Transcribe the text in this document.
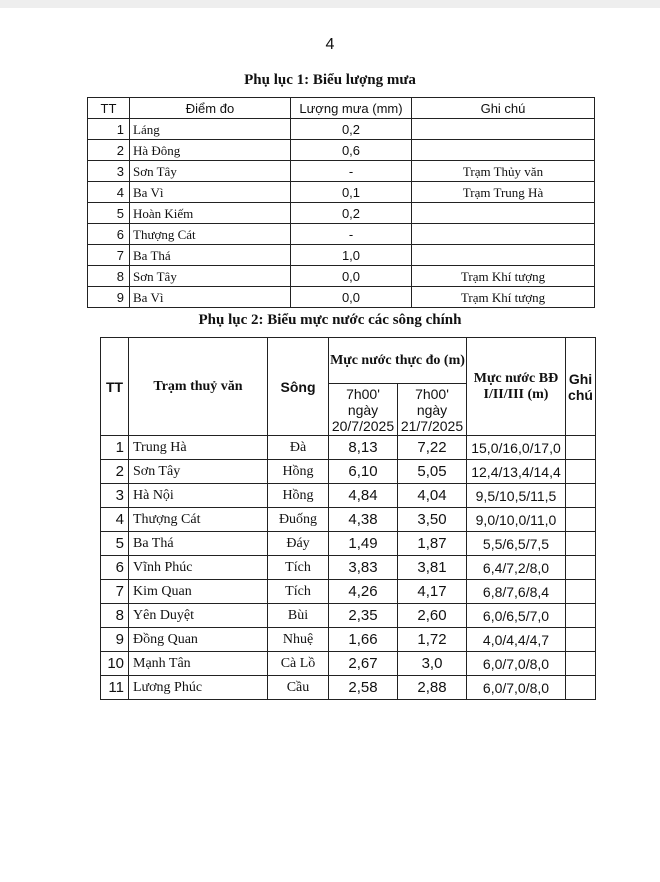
4
Phụ lục 1: Biểu lượng mưa
TT	Điểm đo	Lượng mưa (mm)	Ghi chú
1	Láng	0,2	
2	Hà Đông	0,6	
3	Sơn Tây	-	Trạm Thủy văn
4	Ba Vì	0,1	Trạm Trung Hà
5	Hoàn Kiếm	0,2	
6	Thượng Cát	-	
7	Ba Thá	1,0	
8	Sơn Tây	0,0	Trạm Khí tượng
9	Ba Vì	0,0	Trạm Khí tượng
Phụ lục 2: Biểu mực nước các sông chính
TT	Trạm thuỷ văn	Sông	Mực nước thực đo (m)		Mực nước BĐ I/II/III (m)	Ghi chú
			7h00' ngày 20/7/2025	7h00' ngày 21/7/2025		
1	Trung Hà	Đà	8,13	7,22	15,0/16,0/17,0	
2	Sơn Tây	Hồng	6,10	5,05	12,4/13,4/14,4	
3	Hà Nội	Hồng	4,84	4,04	9,5/10,5/11,5	
4	Thượng Cát	Đuống	4,38	3,50	9,0/10,0/11,0	
5	Ba Thá	Đáy	1,49	1,87	5,5/6,5/7,5	
6	Vĩnh Phúc	Tích	3,83	3,81	6,4/7,2/8,0	
7	Kim Quan	Tích	4,26	4,17	6,8/7,6/8,4	
8	Yên Duyệt	Bùi	2,35	2,60	6,0/6,5/7,0	
9	Đồng Quan	Nhuệ	1,66	1,72	4,0/4,4/4,7	
10	Mạnh Tân	Cà Lồ	2,67	3,0	6,0/7,0/8,0	
11	Lương Phúc	Cầu	2,58	2,88	6,0/7,0/8,0	
